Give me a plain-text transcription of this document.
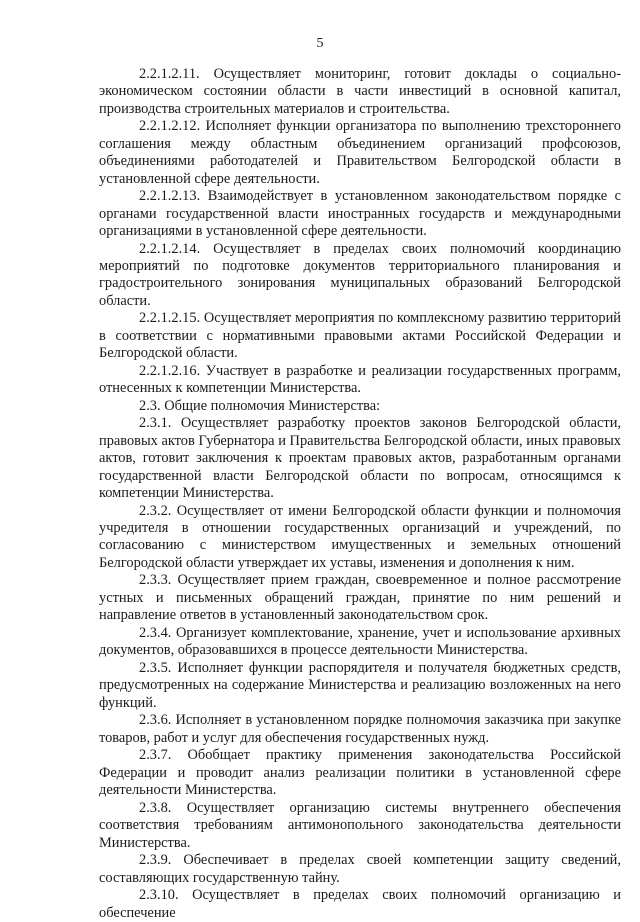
5

2.2.1.2.11. Осуществляет мониторинг, готовит доклады о социально-экономическом состоянии области в части инвестиций в основной капитал, производства строительных материалов и строительства.

2.2.1.2.12. Исполняет функции организатора по выполнению трехстороннего соглашения между областным объединением организаций профсоюзов, объединениями работодателей и Правительством Белгородской области в установленной сфере деятельности.

2.2.1.2.13. Взаимодействует в установленном законодательством порядке с органами государственной власти иностранных государств и международными организациями в установленной сфере деятельности.

2.2.1.2.14. Осуществляет в пределах своих полномочий координацию мероприятий по подготовке документов территориального планирования и градостроительного зонирования муниципальных образований Белгородской области.

2.2.1.2.15. Осуществляет мероприятия по комплексному развитию территорий в соответствии с нормативными правовыми актами Российской Федерации и Белгородской области.

2.2.1.2.16. Участвует в разработке и реализации государственных программ, отнесенных к компетенции Министерства.

2.3. Общие полномочия Министерства:

2.3.1. Осуществляет разработку проектов законов Белгородской области, правовых актов Губернатора и Правительства Белгородской области, иных правовых актов, готовит заключения к проектам правовых актов, разработанным органами государственной власти Белгородской области по вопросам, относящимся к компетенции Министерства.

2.3.2. Осуществляет от имени Белгородской области функции и полномочия учредителя в отношении государственных организаций и учреждений, по согласованию с министерством имущественных и земельных отношений Белгородской области утверждает их уставы, изменения и дополнения к ним.

2.3.3. Осуществляет прием граждан, своевременное и полное рассмотрение устных и письменных обращений граждан, принятие по ним решений и направление ответов в установленный законодательством срок.

2.3.4. Организует комплектование, хранение, учет и использование архивных документов, образовавшихся в процессе деятельности Министерства.

2.3.5. Исполняет функции распорядителя и получателя бюджетных средств, предусмотренных на содержание Министерства и реализацию возложенных на него функций.

2.3.6. Исполняет в установленном порядке полномочия заказчика при закупке товаров, работ и услуг для обеспечения государственных нужд.

2.3.7. Обобщает практику применения законодательства Российской Федерации и проводит анализ реализации политики в установленной сфере деятельности Министерства.

2.3.8. Осуществляет организацию системы внутреннего обеспечения соответствия требованиям антимонопольного законодательства деятельности Министерства.

2.3.9. Обеспечивает в пределах своей компетенции защиту сведений, составляющих государственную тайну.

2.3.10. Осуществляет в пределах своих полномочий организацию и обеспечение
